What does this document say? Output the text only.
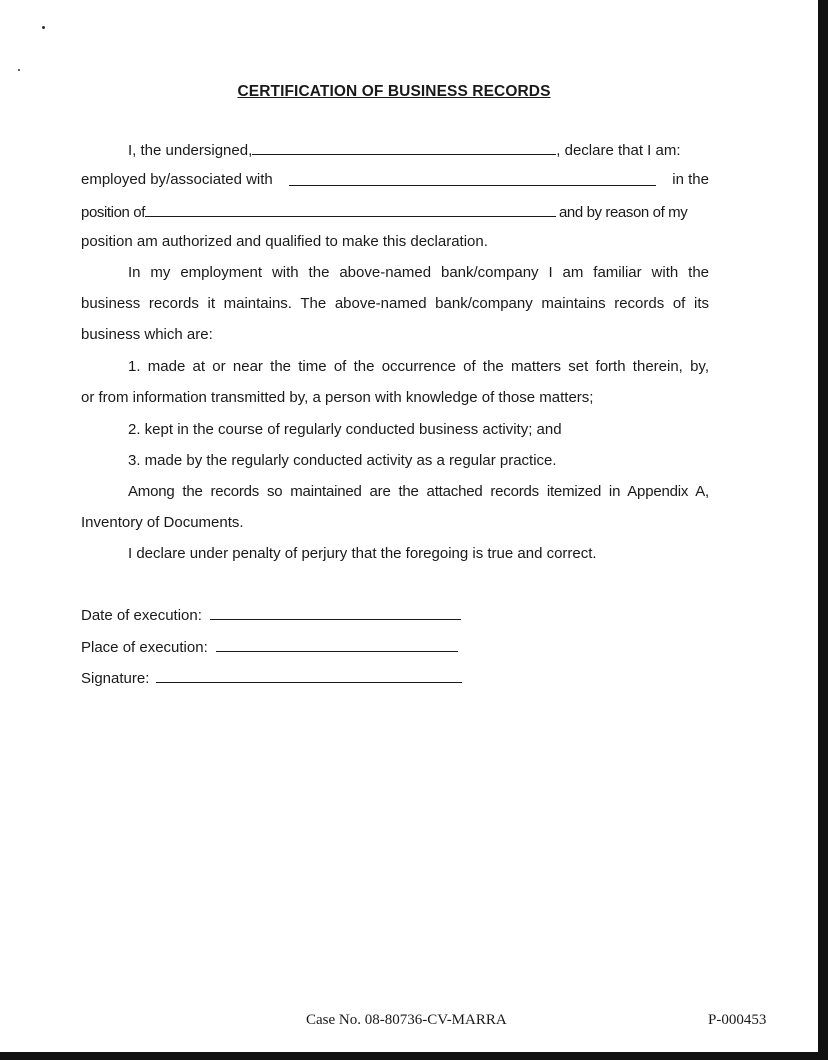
CERTIFICATION OF BUSINESS RECORDS
I, the undersigned,	, declare that I am:
employed by/associated with	in the
position of	and by reason of my
position am authorized and qualified to make this declaration.
In my employment with the above-named bank/company I am familiar with the
business records it maintains. The above-named bank/company maintains records of its
business which are:
1. made at or near the time of the occurrence of the matters set forth therein, by,
or from information transmitted by, a person with knowledge of those matters;
2. kept in the course of regularly conducted business activity; and
3. made by the regularly conducted activity as a regular practice.
Among the records so maintained are the attached records itemized in Appendix A,
Inventory of Documents.
I declare under penalty of perjury that the foregoing is true and correct.
Date of execution:
Place of execution:
Signature:
Case No. 08-80736-CV-MARRA	P-000453
